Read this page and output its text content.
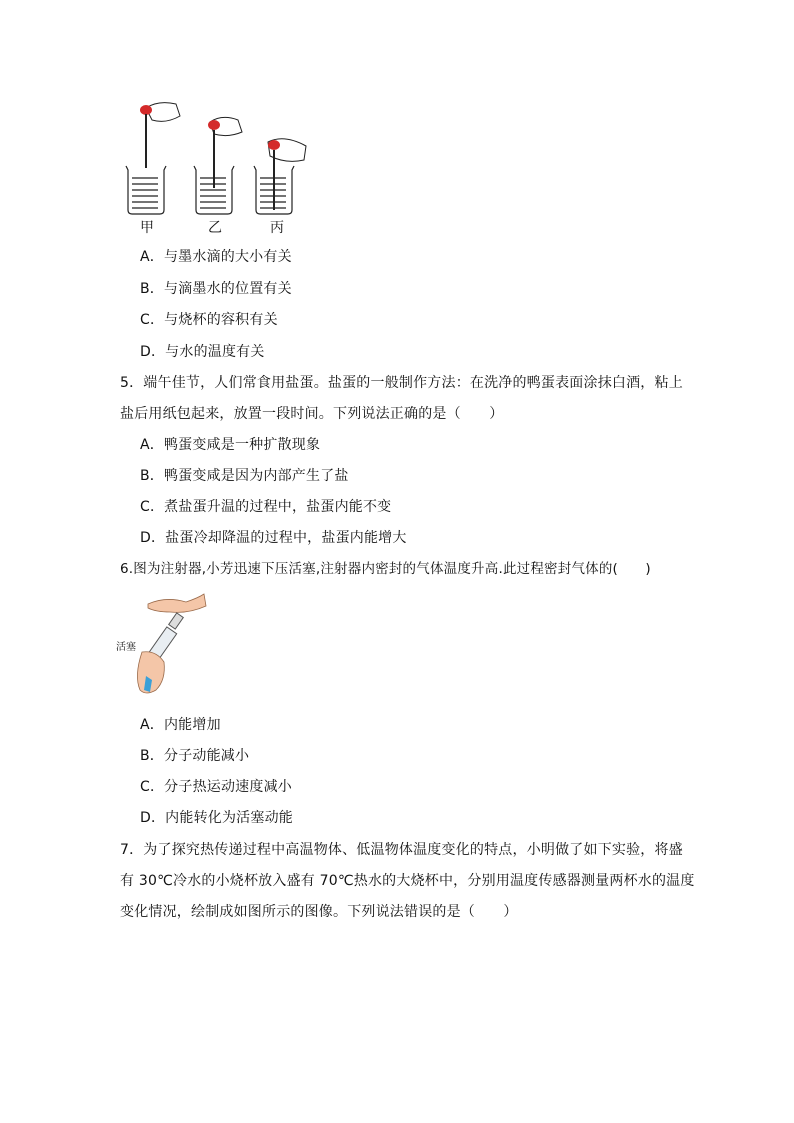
甲	乙	丙
A．与墨水滴的大小有关
B．与滴墨水的位置有关
C．与烧杯的容积有关
D．与水的温度有关
5．端午佳节，人们常食用盐蛋。盐蛋的一般制作方法：在洗净的鸭蛋表面涂抹白酒，粘上
盐后用纸包起来，放置一段时间。下列说法正确的是（　　）
A．鸭蛋变咸是一种扩散现象
B．鸭蛋变咸是因为内部产生了盐
C．煮盐蛋升温的过程中，盐蛋内能不变
D．盐蛋冷却降温的过程中，盐蛋内能增大
6.图为注射器,小芳迅速下压活塞,注射器内密封的气体温度升高.此过程密封气体的(　　)
活塞
A．内能增加
B．分子动能减小
C．分子热运动速度减小
D．内能转化为活塞动能
7．为了探究热传递过程中高温物体、低温物体温度变化的特点，小明做了如下实验，将盛
有 30℃冷水的小烧杯放入盛有 70℃热水的大烧杯中，分别用温度传感器测量两杯水的温度
变化情况，绘制成如图所示的图像。下列说法错误的是（　　）
